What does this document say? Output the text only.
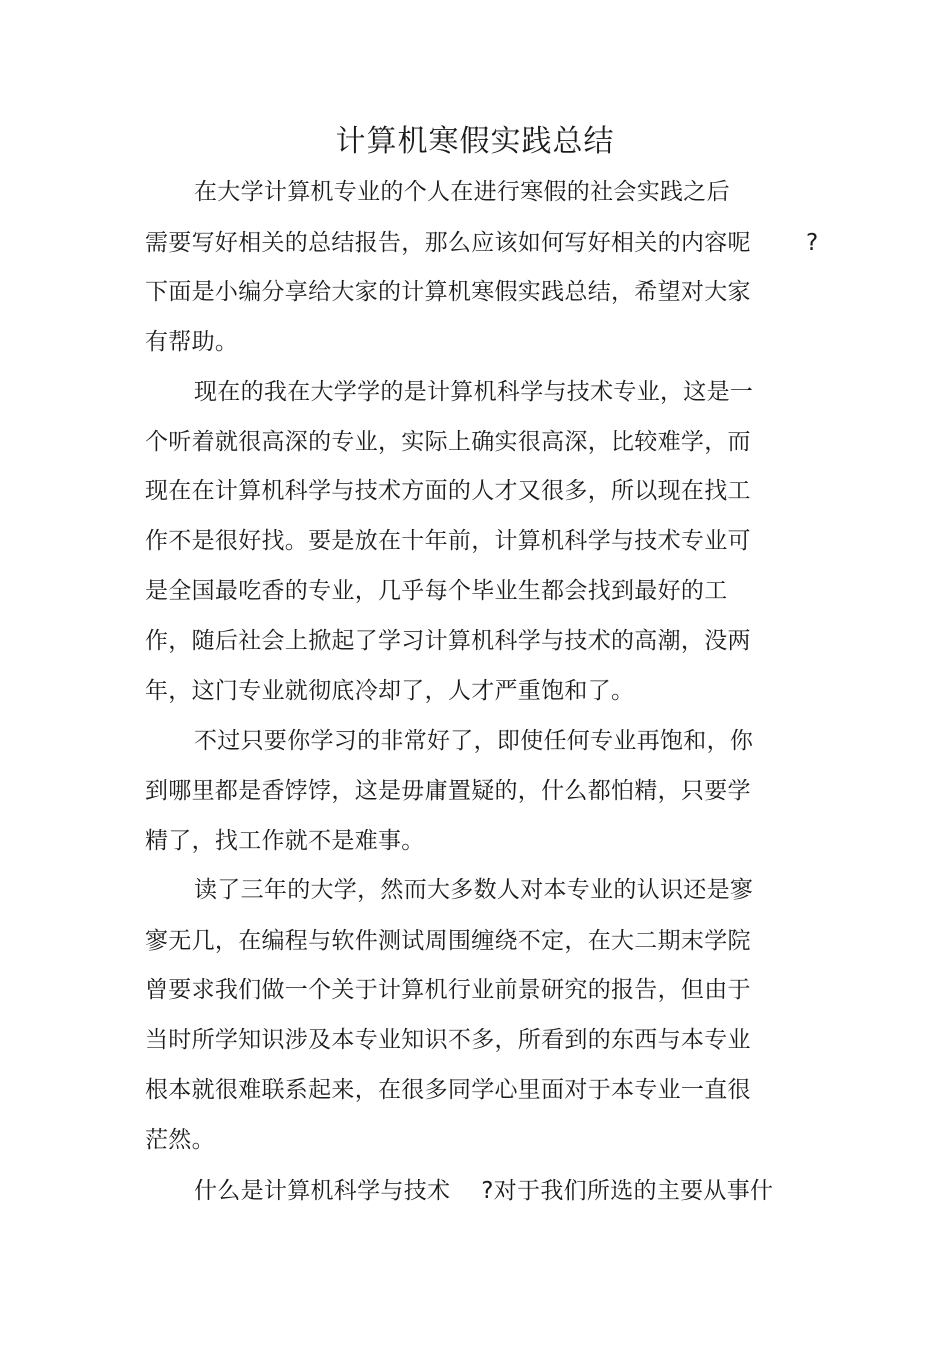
计算机寒假实践总结
在大学计算机专业的个人在进行寒假的社会实践之后
需要写好相关的总结报告，那么应该如何写好相关的内容呢 ?
下面是小编分享给大家的计算机寒假实践总结，希望对大家
有帮助。
现在的我在大学学的是计算机科学与技术专业，这是一
个听着就很高深的专业，实际上确实很高深，比较难学，而
现在在计算机科学与技术方面的人才又很多，所以现在找工
作不是很好找。要是放在十年前，计算机科学与技术专业可
是全国最吃香的专业，几乎每个毕业生都会找到最好的工
作，随后社会上掀起了学习计算机科学与技术的高潮，没两
年，这门专业就彻底冷却了，人才严重饱和了。
不过只要你学习的非常好了，即使任何专业再饱和，你
到哪里都是香饽饽，这是毋庸置疑的，什么都怕精，只要学
精了，找工作就不是难事。
读了三年的大学，然而大多数人对本专业的认识还是寥
寥无几，在编程与软件测试周围缠绕不定，在大二期末学院
曾要求我们做一个关于计算机行业前景研究的报告，但由于
当时所学知识涉及本专业知识不多，所看到的东西与本专业
根本就很难联系起来，在很多同学心里面对于本专业一直很
茫然。
什么是计算机科学与技术　 ?对于我们所选的主要从事什
